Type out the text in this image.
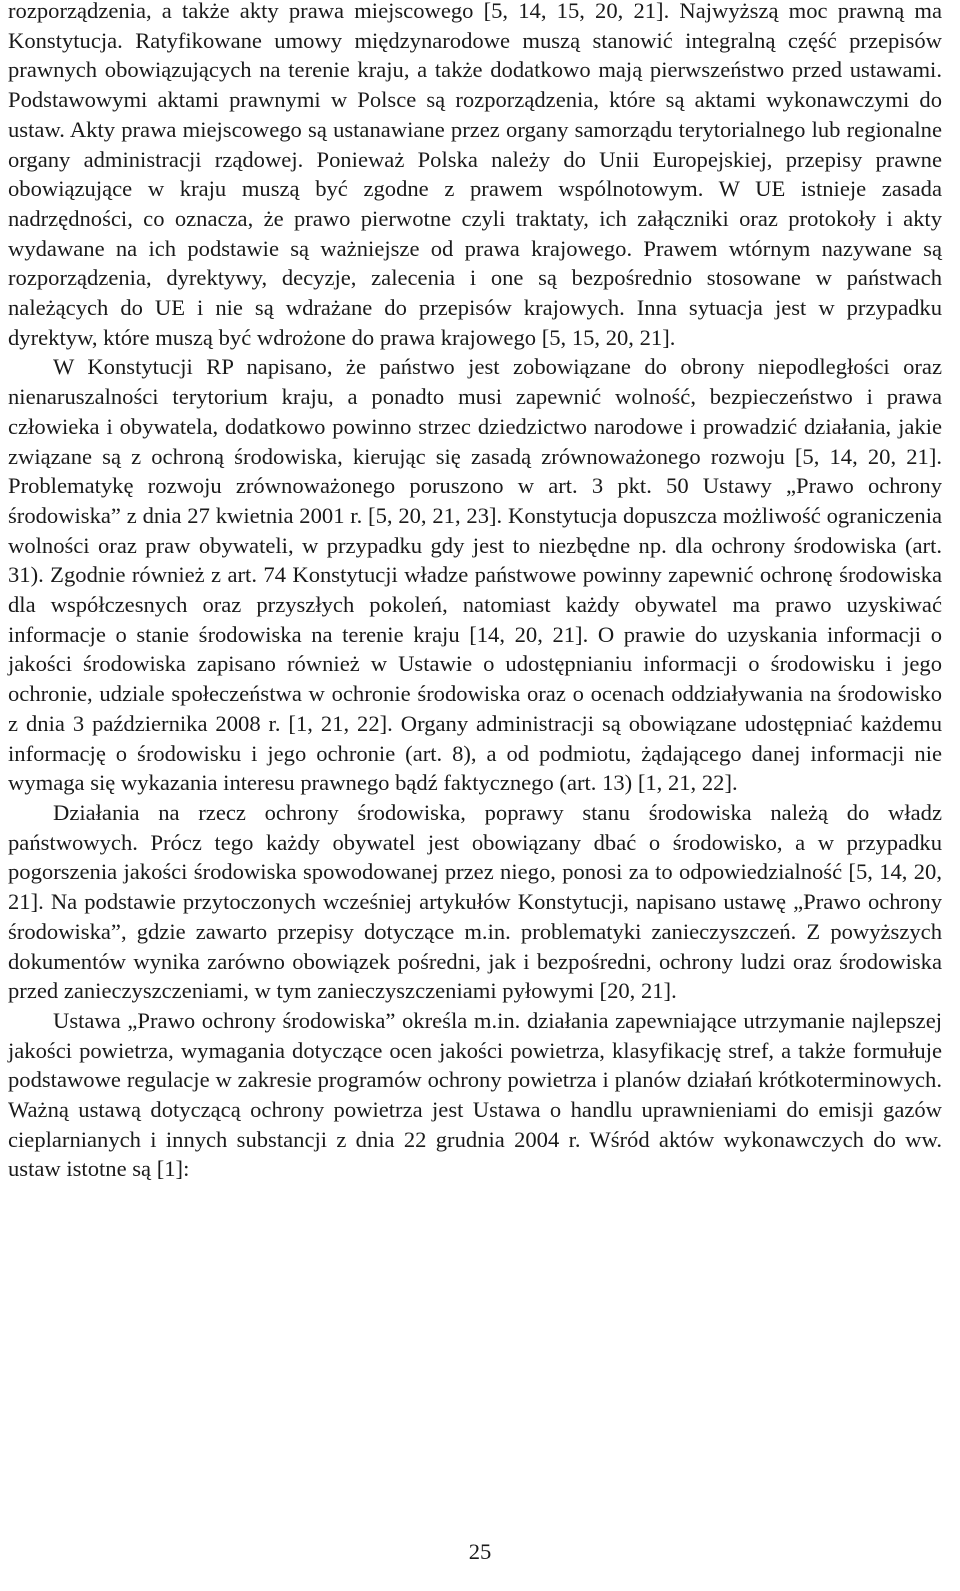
rozporządzenia, a także akty prawa miejscowego [5, 14, 15, 20, 21]. Najwyższą moc prawną ma Konstytucja. Ratyfikowane umowy międzynarodowe muszą stanowić integralną część przepisów prawnych obowiązujących na terenie kraju, a także dodatkowo mają pierwszeństwo przed ustawami. Podstawowymi aktami prawnymi w Polsce są rozporządzenia, które są aktami wykonawczymi do ustaw. Akty prawa miejscowego są ustanawiane przez organy samorządu terytorialnego lub regionalne organy administracji rządowej. Ponieważ Polska należy do Unii Europejskiej, przepisy prawne obowiązujące w kraju muszą być zgodne z prawem wspólnotowym. W UE istnieje zasada nadrzędności, co oznacza, że prawo pierwotne czyli traktaty, ich załączniki oraz protokoły i akty wydawane na ich podstawie są ważniejsze od prawa krajowego. Prawem wtórnym nazywane są rozporządzenia, dyrektywy, decyzje, zalecenia i one są bezpośrednio stosowane w państwach należących do UE i nie są wdrażane do przepisów krajowych. Inna sytuacja jest w przypadku dyrektyw, które muszą być wdrożone do prawa krajowego [5, 15, 20, 21].

W Konstytucji RP napisano, że państwo jest zobowiązane do obrony niepodległości oraz nienaruszalności terytorium kraju, a ponadto musi zapewnić wolność, bezpieczeństwo i prawa człowieka i obywatela, dodatkowo powinno strzec dziedzictwo narodowe i prowadzić działania, jakie związane są z ochroną środowiska, kierując się zasadą zrównoważonego rozwoju [5, 14, 20, 21]. Problematykę rozwoju zrównoważonego poruszono w art. 3 pkt. 50 Ustawy „Prawo ochrony środowiska” z dnia 27 kwietnia 2001 r. [5, 20, 21, 23]. Konstytucja dopuszcza możliwość ograniczenia wolności oraz praw obywateli, w przypadku gdy jest to niezbędne np. dla ochrony środowiska (art. 31). Zgodnie również z art. 74 Konstytucji władze państwowe powinny zapewnić ochronę środowiska dla współczesnych oraz przyszłych pokoleń, natomiast każdy obywatel ma prawo uzyskiwać informacje o stanie środowiska na terenie kraju [14, 20, 21]. O prawie do uzyskania informacji o jakości środowiska zapisano również w Ustawie o udostępnianiu informacji o środowisku i jego ochronie, udziale społeczeństwa w ochronie środowiska oraz o ocenach oddziaływania na środowisko z dnia 3 października 2008 r. [1, 21, 22]. Organy administracji są obowiązane udostępniać każdemu informację o środowisku i jego ochronie (art. 8), a od podmiotu, żądającego danej informacji nie wymaga się wykazania interesu prawnego bądź faktycznego (art. 13) [1, 21, 22].

Działania na rzecz ochrony środowiska, poprawy stanu środowiska należą do władz państwowych. Prócz tego każdy obywatel jest obowiązany dbać o środowisko, a w przypadku pogorszenia jakości środowiska spowodowanej przez niego, ponosi za to odpowiedzialność [5, 14, 20, 21]. Na podstawie przytoczonych wcześniej artykułów Konstytucji, napisano ustawę „Prawo ochrony środowiska”, gdzie zawarto przepisy dotyczące m.in. problematyki zanieczyszczeń. Z powyższych dokumentów wynika zarówno obowiązek pośredni, jak i bezpośredni, ochrony ludzi oraz środowiska przed zanieczyszczeniami, w tym zanieczyszczeniami pyłowymi [20, 21].

Ustawa „Prawo ochrony środowiska” określa m.in. działania zapewniające utrzymanie najlepszej jakości powietrza, wymagania dotyczące ocen jakości powietrza, klasyfikację stref, a także formułuje podstawowe regulacje w zakresie programów ochrony powietrza i planów działań krótkoterminowych. Ważną ustawą dotyczącą ochrony powietrza jest Ustawa o handlu uprawnieniami do emisji gazów cieplarnianych i innych substancji z dnia 22 grudnia 2004 r. Wśród aktów wykonawczych do ww. ustaw istotne są [1]:

25
